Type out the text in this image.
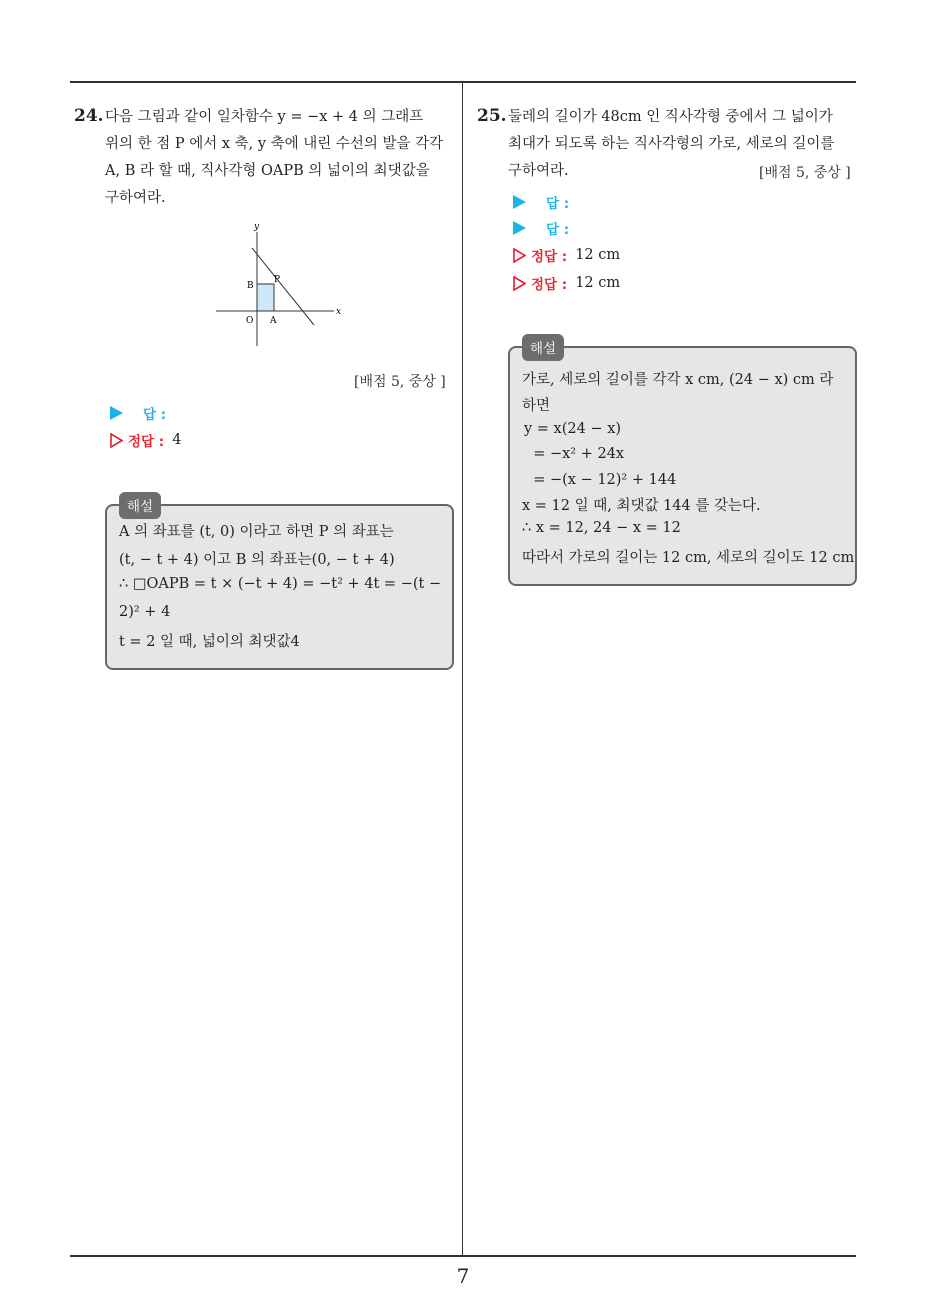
24. 다음 그림과 같이 일차함수 y = −x + 4 의 그래프
위의 한 점 P 에서 x 축, y 축에 내린 수선의 발을 각각
A, B 라 할 때, 직사각형 OAPB 의 넓이의 최댓값을
구하여라.
y
x
O A
B
P
[배점 5, 중상 ]
답 :
정답 : 4
해설
A 의 좌표를 (t, 0) 이라고 하면 P 의 좌표는
(t, − t + 4) 이고 B 의 좌표는(0, − t + 4)
∴ □OAPB = t × (−t + 4) = −t² + 4t = −(t −
2)² + 4
t = 2 일 때, 넓이의 최댓값4
25. 둘레의 길이가 48cm 인 직사각형 중에서 그 넓이가
최대가 되도록 하는 직사각형의 가로, 세로의 길이를
구하여라.	[배점 5, 중상 ]
답 :
답 :
정답 : 12 cm
정답 : 12 cm
해설
가로, 세로의 길이를 각각 x cm, (24 − x) cm 라
하면
y = x(24 − x)
= −x² + 24x
= −(x − 12)² + 144
x = 12 일 때, 최댓값 144 를 갖는다.
∴ x = 12, 24 − x = 12
따라서 가로의 길이는 12 cm, 세로의 길이도 12 cm
7
